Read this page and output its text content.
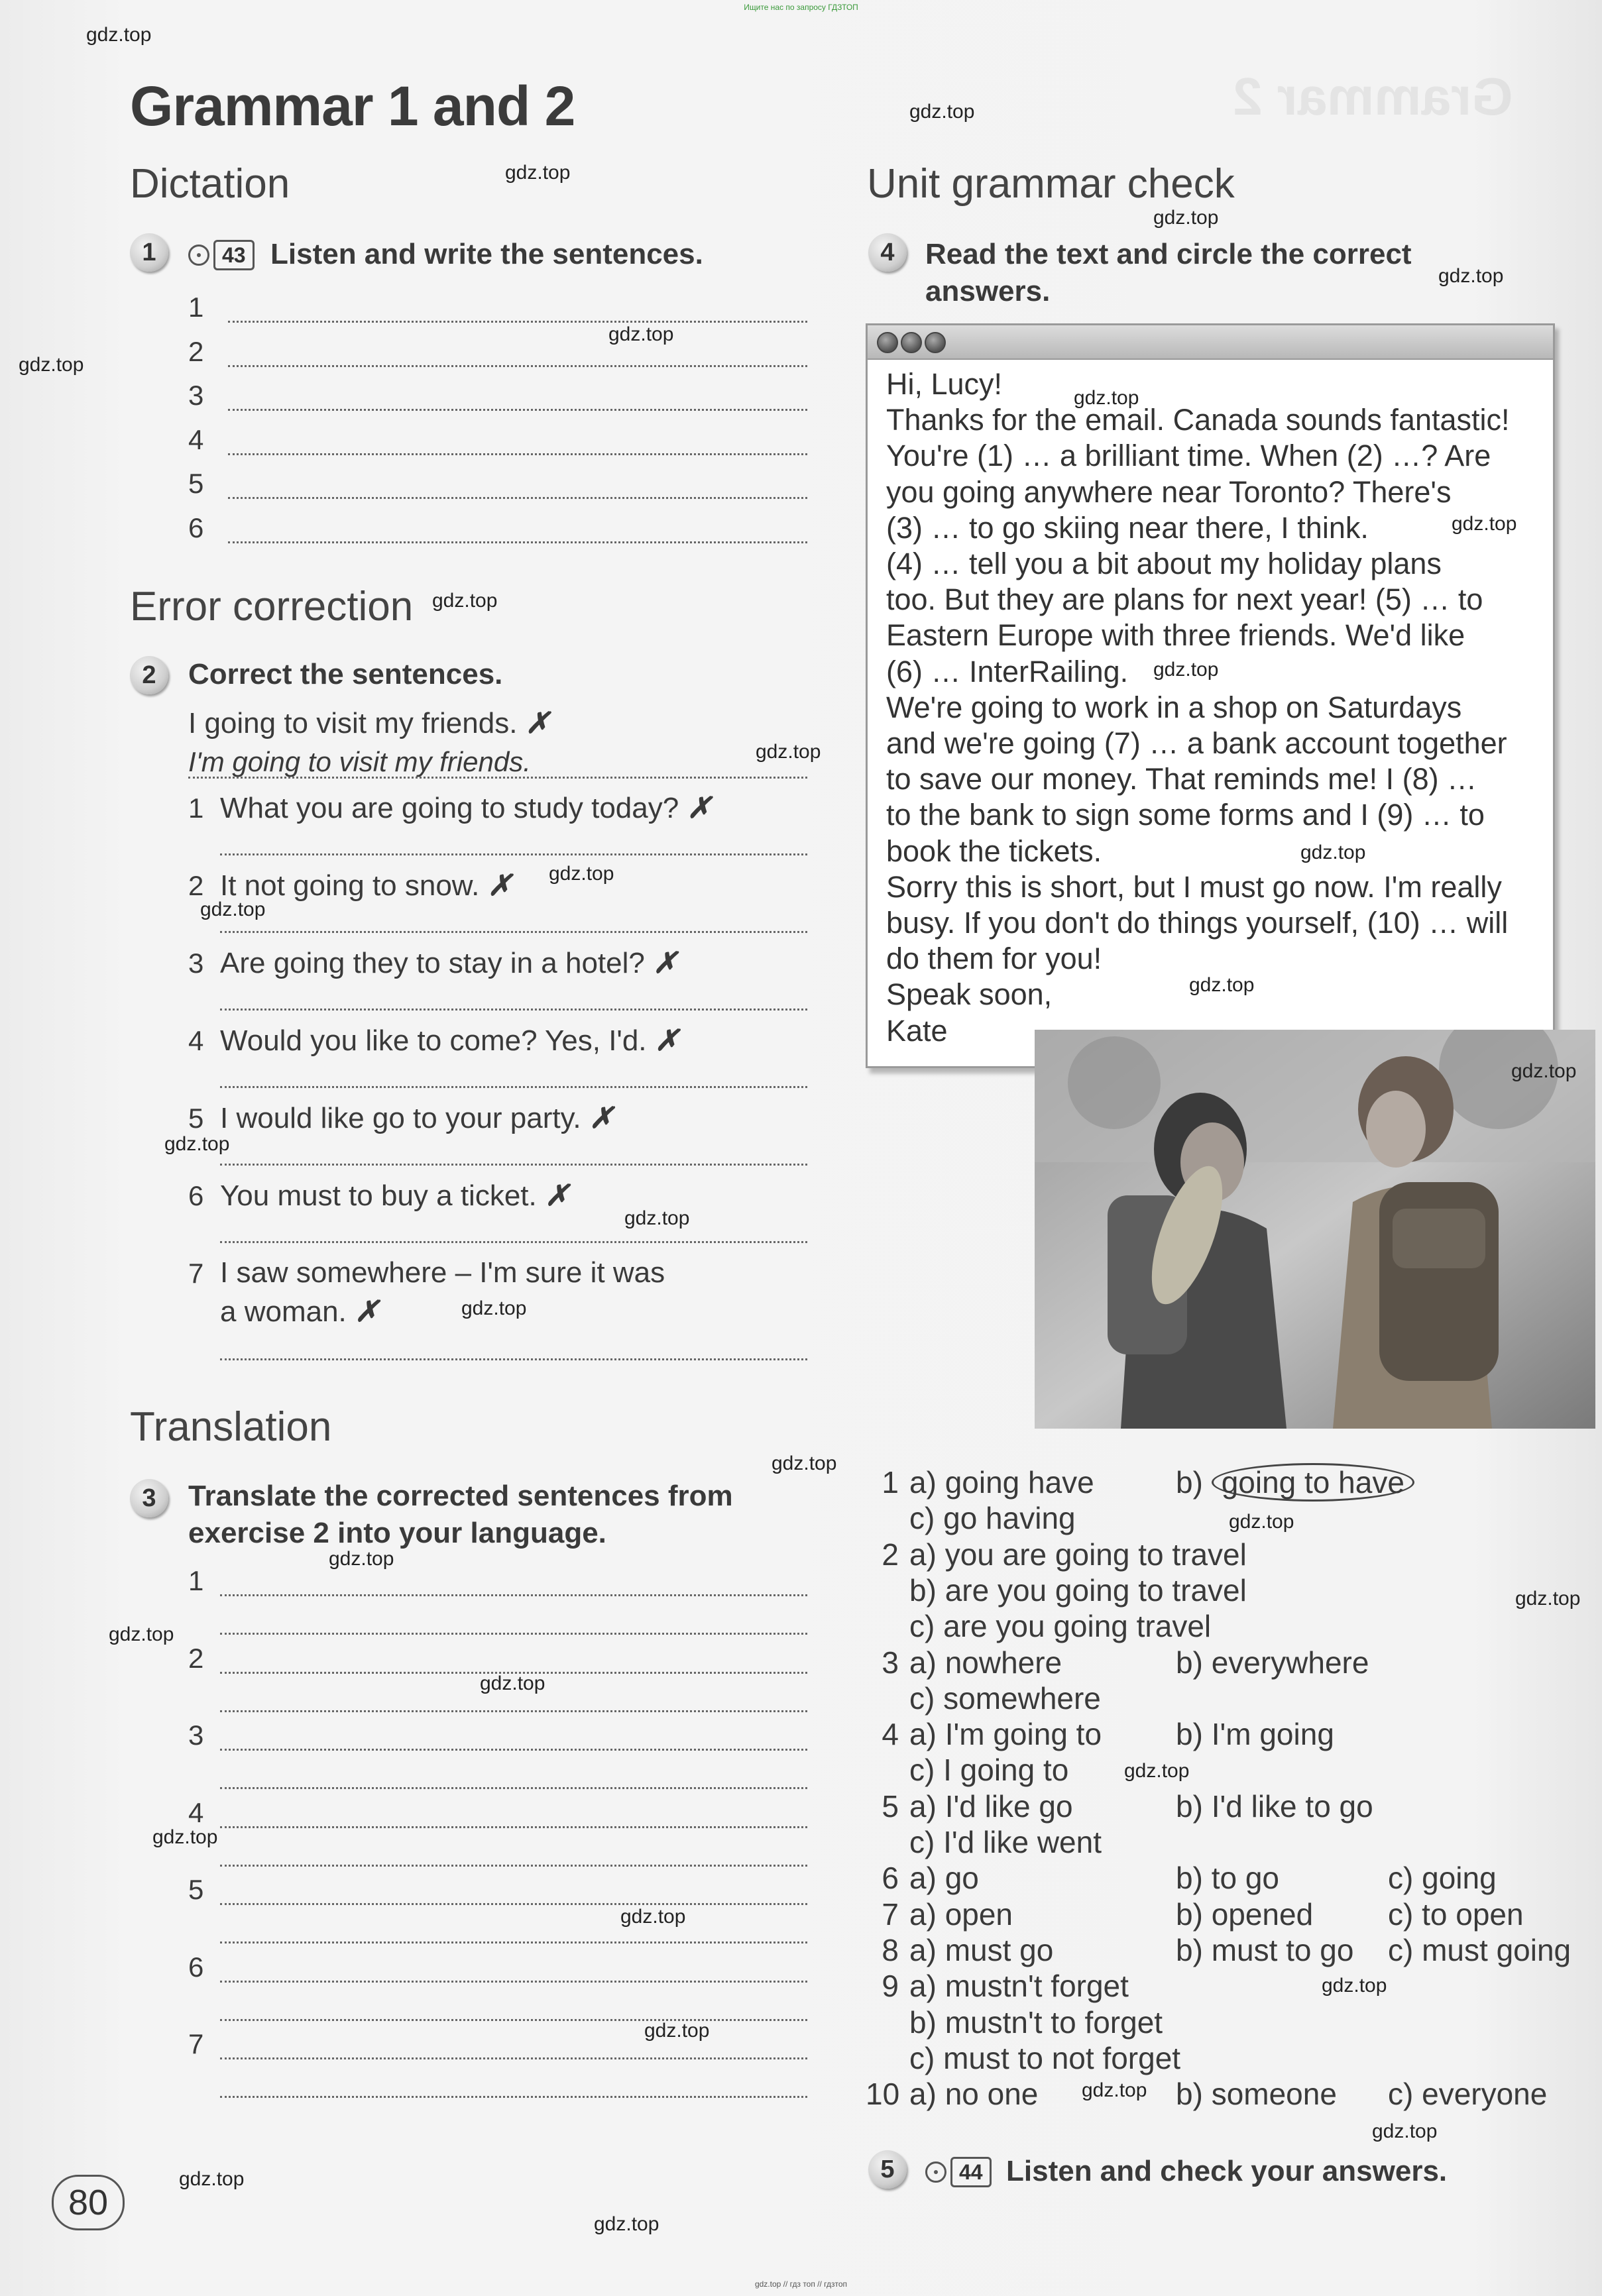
Ищите нас по запросу ГДЗТОП
Grammar 2
Grammar 1 and 2
Dictation
1	43 Listen and write the sentences.
1
2
3
4
5
6
Error correction
2	Correct the sentences.
I going to visit my friends. ✗
I'm going to visit my friends.
1 What you are going to study today? ✗
2 It not going to snow. ✗
3 Are going they to stay in a hotel? ✗
4 Would you like to come? Yes, I'd. ✗
5 I would like go to your party. ✗
6 You must to buy a ticket. ✗
7 I saw somewhere – I'm sure it was
a woman. ✗
Translation
3	Translate the corrected sentences from
exercise 2 into your language.
1
2
3
4
5
6
7
Unit grammar check
4	Read the text and circle the correct
answers.
Hi, Lucy!
Thanks for the email. Canada sounds fantastic!
You're (1) … a brilliant time. When (2) …? Are
you going anywhere near Toronto? There's
(3) … to go skiing near there, I think.
(4) … tell you a bit about my holiday plans
too. But they are plans for next year! (5) … to
Eastern Europe with three friends. We'd like
(6) … InterRailing.
We're going to work in a shop on Saturdays
and we're going (7) … a bank account together
to save our money. That reminds me! I (8) …
to the bank to sign some forms and I (9) … to
book the tickets.
Sorry this is short, but I must go now. I'm really
busy. If you don't do things yourself, (10) … will
do them for you!
Speak soon,
Kate
1 a) going have	b) going to have
c) go having
2 a) you are going to travel
b) are you going to travel
c) are you going travel
3 a) nowhere	b) everywhere
c) somewhere
4 a) I'm going to b) I'm going
c) I going to
5 a) I'd like go	b) I'd like to go
c) I'd like went
6 a) go	b) to go	c) going
7 a) open	b) opened c) to open
8 a) must go	b) must to go c) must going
9 a) mustn't forget
b) mustn't to forget
c) must to not forget
10 a) no one	b) someone c) everyone
5	44 Listen and check your answers.
80
gdz.top
gdz.top
gdz.top
gdz.top
gdz.top
gdz.top
gdz.top
gdz.top
gdz.top
gdz.top
gdz.top
gdz.top
gdz.top
gdz.top
gdz.top
gdz.top
gdz.top
gdz.top
gdz.top
gdz.top
gdz.top
gdz.top
gdz.top
gdz.top
gdz.top
gdz.top
gdz.top
gdz.top
gdz.top
gdz.top
gdz.top
gdz.top
gdz.top
gdz.top
gdz.top
gdz.top // гдз топ // гдзтоп
